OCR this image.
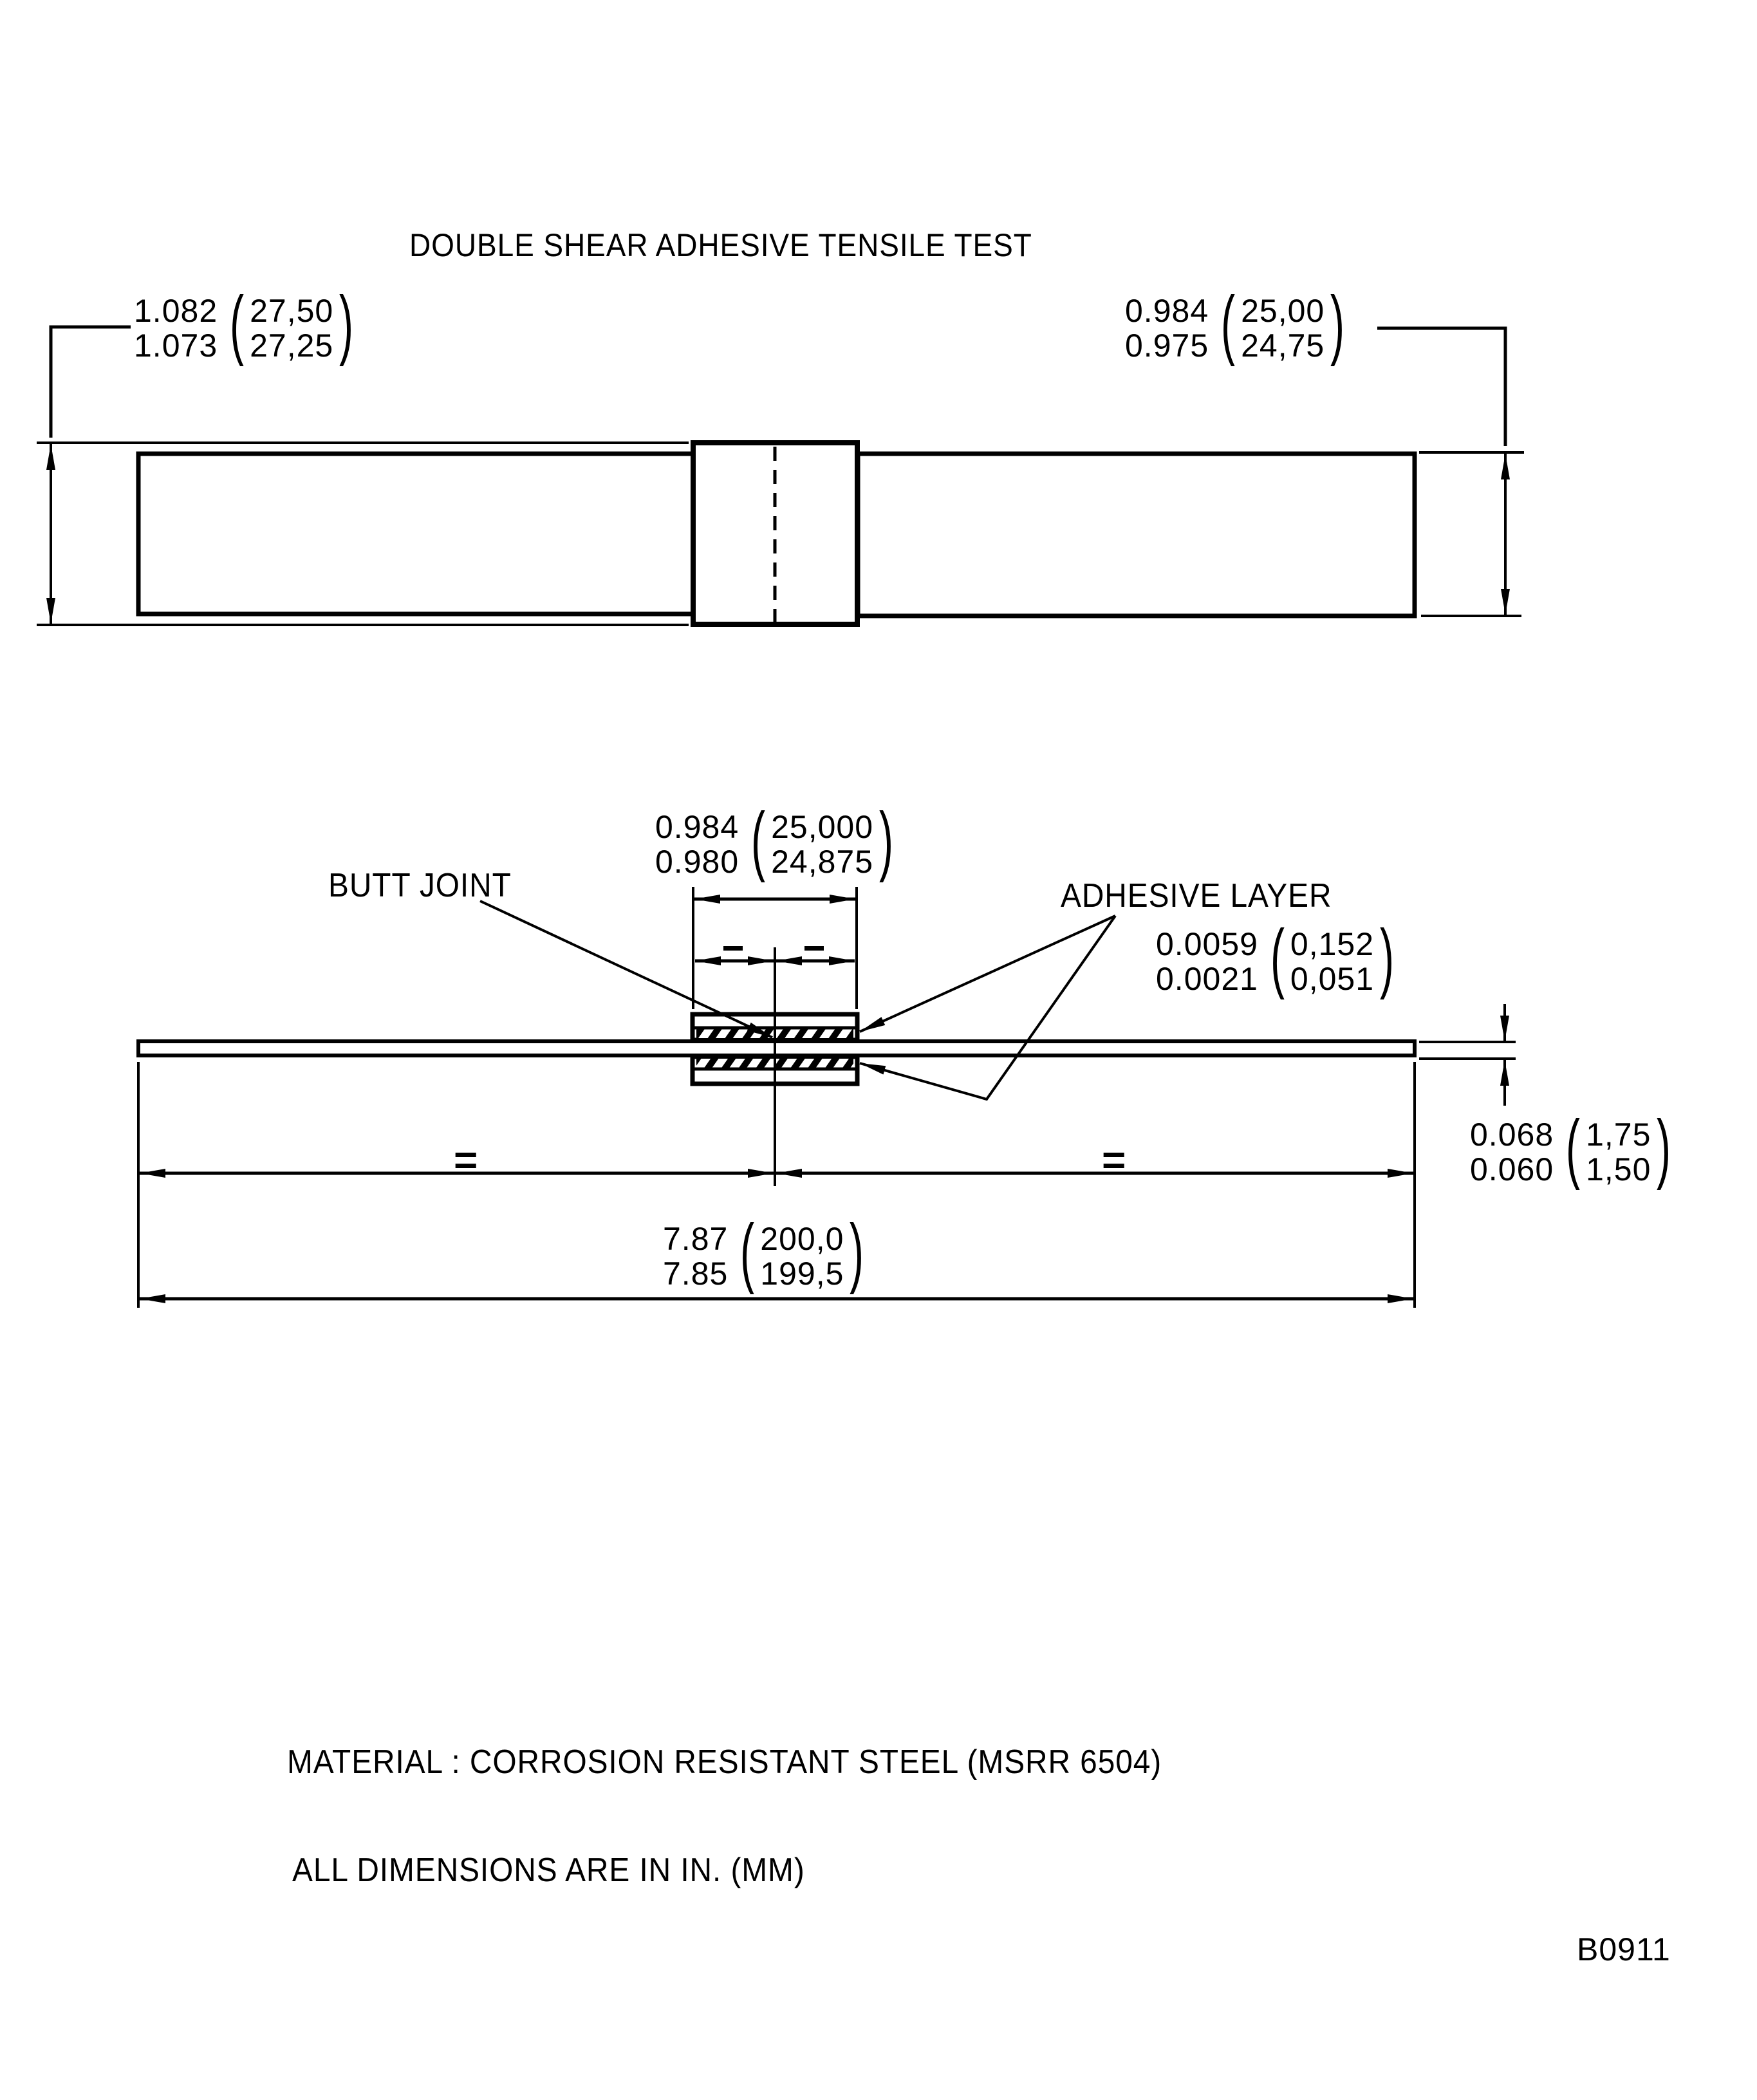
DOUBLE SHEAR ADHESIVE TENSILE TEST
1.082
1.073 ( 27,50
27,25 )	0.984
0.975 ( 25,00
24,75 )
0.984
0.980 ( 25,000
24,875 )
BUTT JOINT	ADHESIVE LAYER
0.0059
0.0021 ( 0,152
0,051 )
0.068
0.060 ( 1,75
1,50 )
=	=
7.87
7.85 ( 200,0
199,5 )
MATERIAL : CORROSION RESISTANT STEEL (MSRR 6504)
ALL DIMENSIONS ARE IN IN. (MM)
B0911
